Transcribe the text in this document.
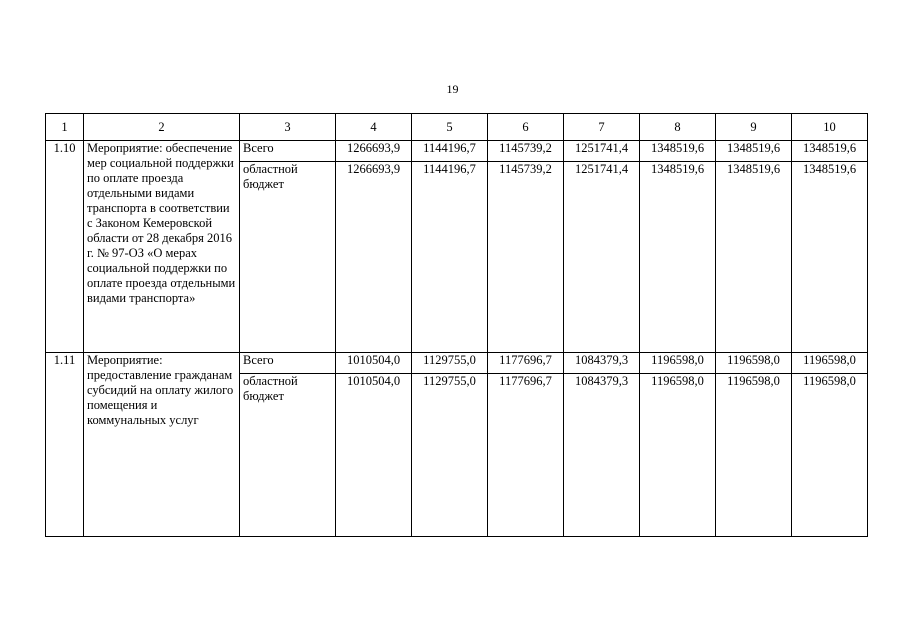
19
1	2	3	4	5	6	7	8	9	10
1.10	Мероприятие: обеспечение мер социальной поддержки по оплате проезда отдельными видами транспорта в соответствии с Законом Кемеровской области от 28 декабря 2016 г. № 97-ОЗ «О мерах социальной поддержки по оплате проезда отдельными видами транспорта»	Всего	1266693,9	1144196,7	1145739,2	1251741,4	1348519,6	1348519,6	1348519,6
		областной бюджет	1266693,9	1144196,7	1145739,2	1251741,4	1348519,6	1348519,6	1348519,6
1.11	Мероприятие: предоставление гражданам субсидий на оплату жилого помещения и коммунальных услуг	Всего	1010504,0	1129755,0	1177696,7	1084379,3	1196598,0	1196598,0	1196598,0
		областной бюджет	1010504,0	1129755,0	1177696,7	1084379,3	1196598,0	1196598,0	1196598,0
